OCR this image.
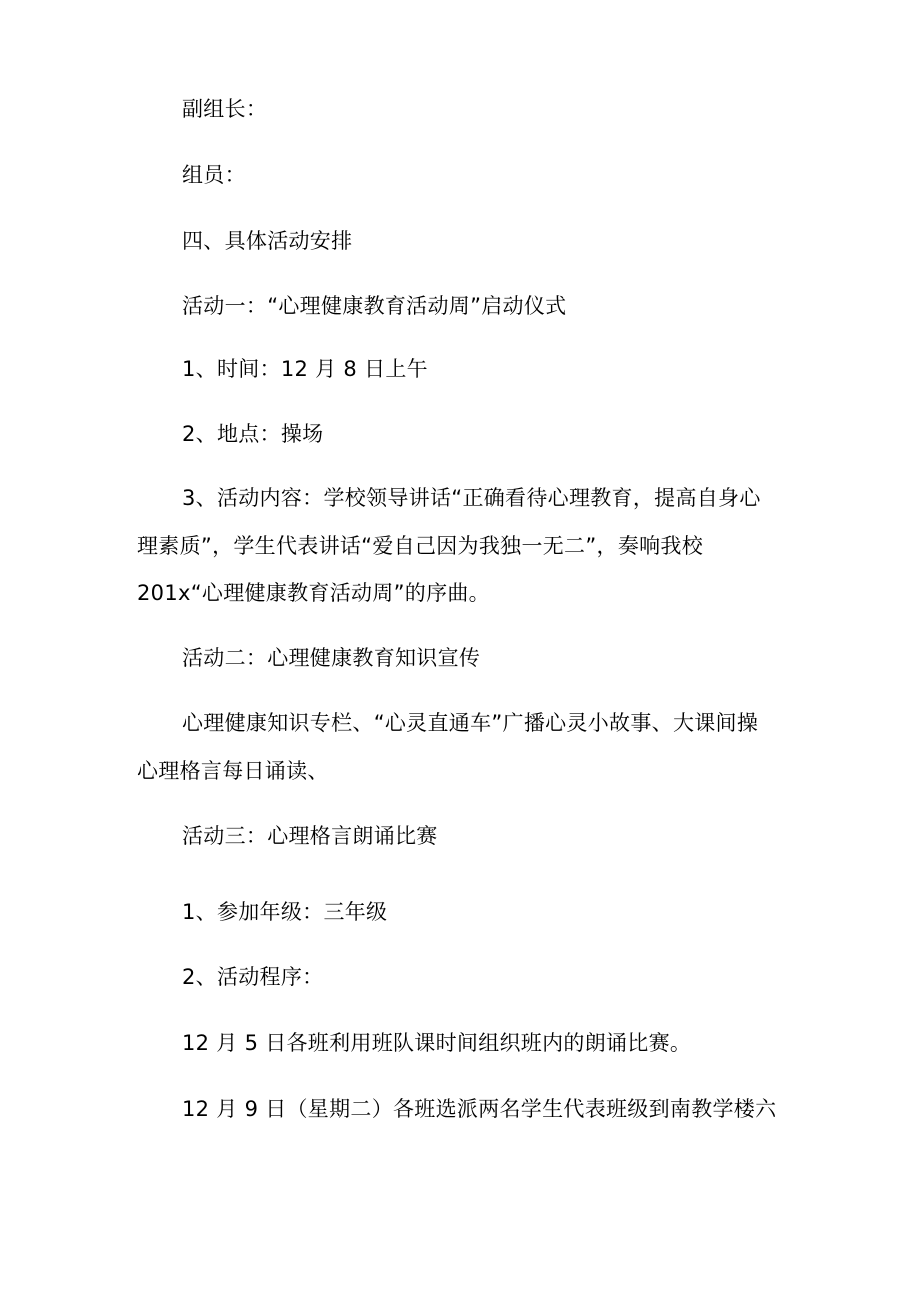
副组长：
组员：
四、具体活动安排
活动一：“心理健康教育活动周”启动仪式
1、时间：12 月 8 日上午
2、地点：操场
3、活动内容：学校领导讲话“正确看待心理教育，提高自身心
理素质”，学生代表讲话“爱自己因为我独一无二”，奏响我校
201x“心理健康教育活动周”的序曲。
活动二：心理健康教育知识宣传
心理健康知识专栏、“心灵直通车”广播心灵小故事、大课间操
心理格言每日诵读、
活动三：心理格言朗诵比赛
1、参加年级：三年级
2、活动程序：
12 月 5 日各班利用班队课时间组织班内的朗诵比赛。
12 月 9 日（星期二）各班选派两名学生代表班级到南教学楼六
